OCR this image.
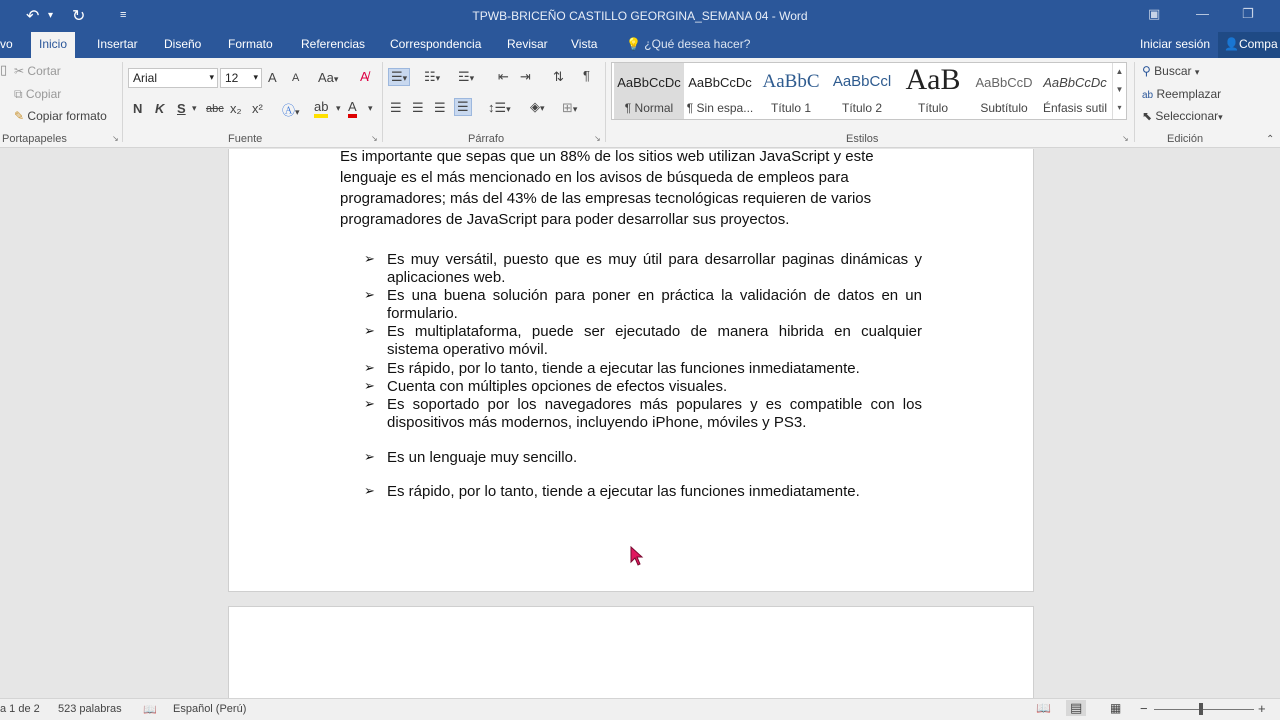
↶ ▾ ↻	≡	TPWB-BRICEÑO CASTILLO GEORGINA_SEMANA 04 - Word	▣	—	❐
vo	Inicio	Insertar Diseño Formato Referencias Correspondencia Revisar Vista 💡 ¿Qué desea hacer?	Iniciar sesión	👤Compa
▯ ✂ Cortar
⧉ Copiar
✎ Copiar formato
Portapapeles	↘
Arial	▾ 12 ▾ A A Aa▾ A̸
N K S ▾ abc x₂ x² Ⓐ▾ ab ▾ A ▾
Fuente	↘
☰▾ ☷▾ ☲▾ ⇤ ⇥ ⇅ ¶
☰ ☰ ☰ ☰ ↕☰▾ ◈▾ ⊞▾
Párrafo	↘
AaBbCcDc
¶ Normal
AaBbCcDc
¶ Sin espa...
AaBbC
Título 1
AaBbCcl
Título 2
AaB
Título
AaBbCcD
Subtítulo
AaBbCcDc
Énfasis sutil
▲
▼
▾
Estilos	↘
⚲ Buscar ▾
ab Reemplazar
⬉ Seleccionar▾
Edición	⌃
Es importante que sepas que un 88% de los sitios web utilizan JavaScript y este lenguaje es el más mencionado en los avisos de búsqueda de empleos para programadores; más del 43% de las empresas tecnológicas requieren de varios programadores de JavaScript para poder desarrollar sus proyectos.
➢ Es muy versátil, puesto que es muy útil para desarrollar paginas dinámicas y aplicaciones web.
➢ Es una buena solución para poner en práctica la validación de datos en un formulario.
➢ Es multiplataforma, puede ser ejecutado de manera hibrida en cualquier sistema operativo móvil.
➢ Es rápido, por lo tanto, tiende a ejecutar las funciones inmediatamente.
➢ Cuenta con múltiples opciones de efectos visuales.
➢ Es soportado por los navegadores más populares y es compatible con los dispositivos más modernos, incluyendo iPhone, móviles y PS3.
➢ Es un lenguaje muy sencillo.
➢ Es rápido, por lo tanto, tiende a ejecutar las funciones inmediatamente.
a 1 de 2 523 palabras 📖 Español (Perú)	📖	▤	▦ −	+
